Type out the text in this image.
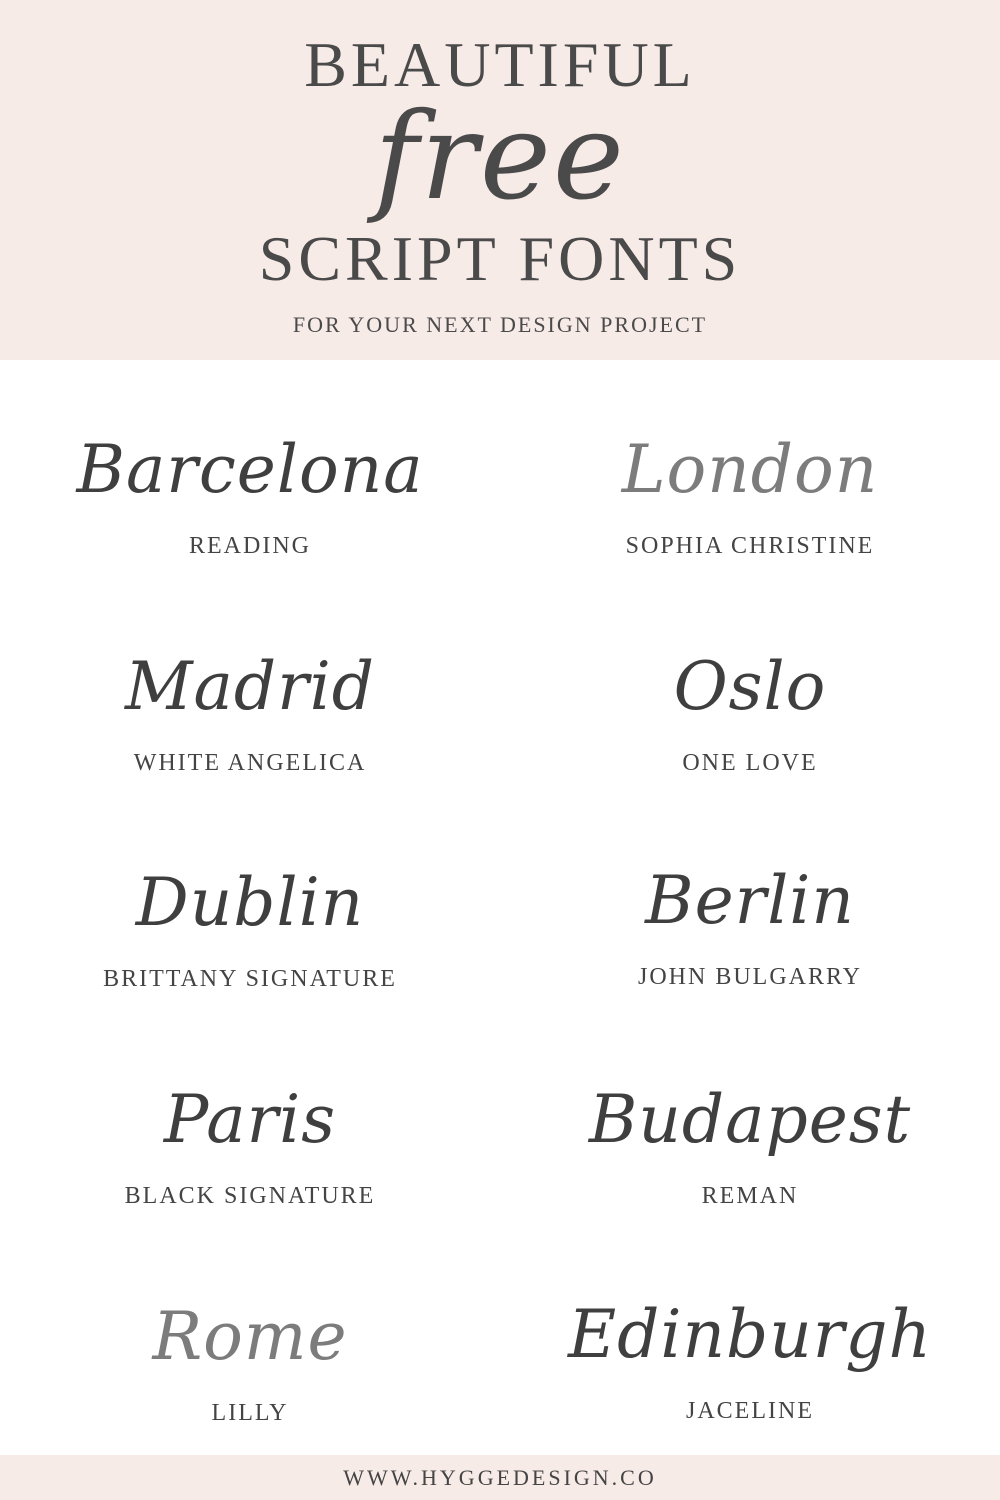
BEAUTIFUL
free
SCRIPT FONTS
FOR YOUR NEXT DESIGN PROJECT
Barcelona
READING
London
SOPHIA CHRISTINE
Madrid
WHITE ANGELICA
Oslo
ONE LOVE
Dublin
BRITTANY SIGNATURE
Berlin
JOHN BULGARRY
Paris
BLACK SIGNATURE
Budapest
REMAN
Rome
LILLY
Edinburgh
JACELINE
WWW.HYGGEDESIGN.CO
